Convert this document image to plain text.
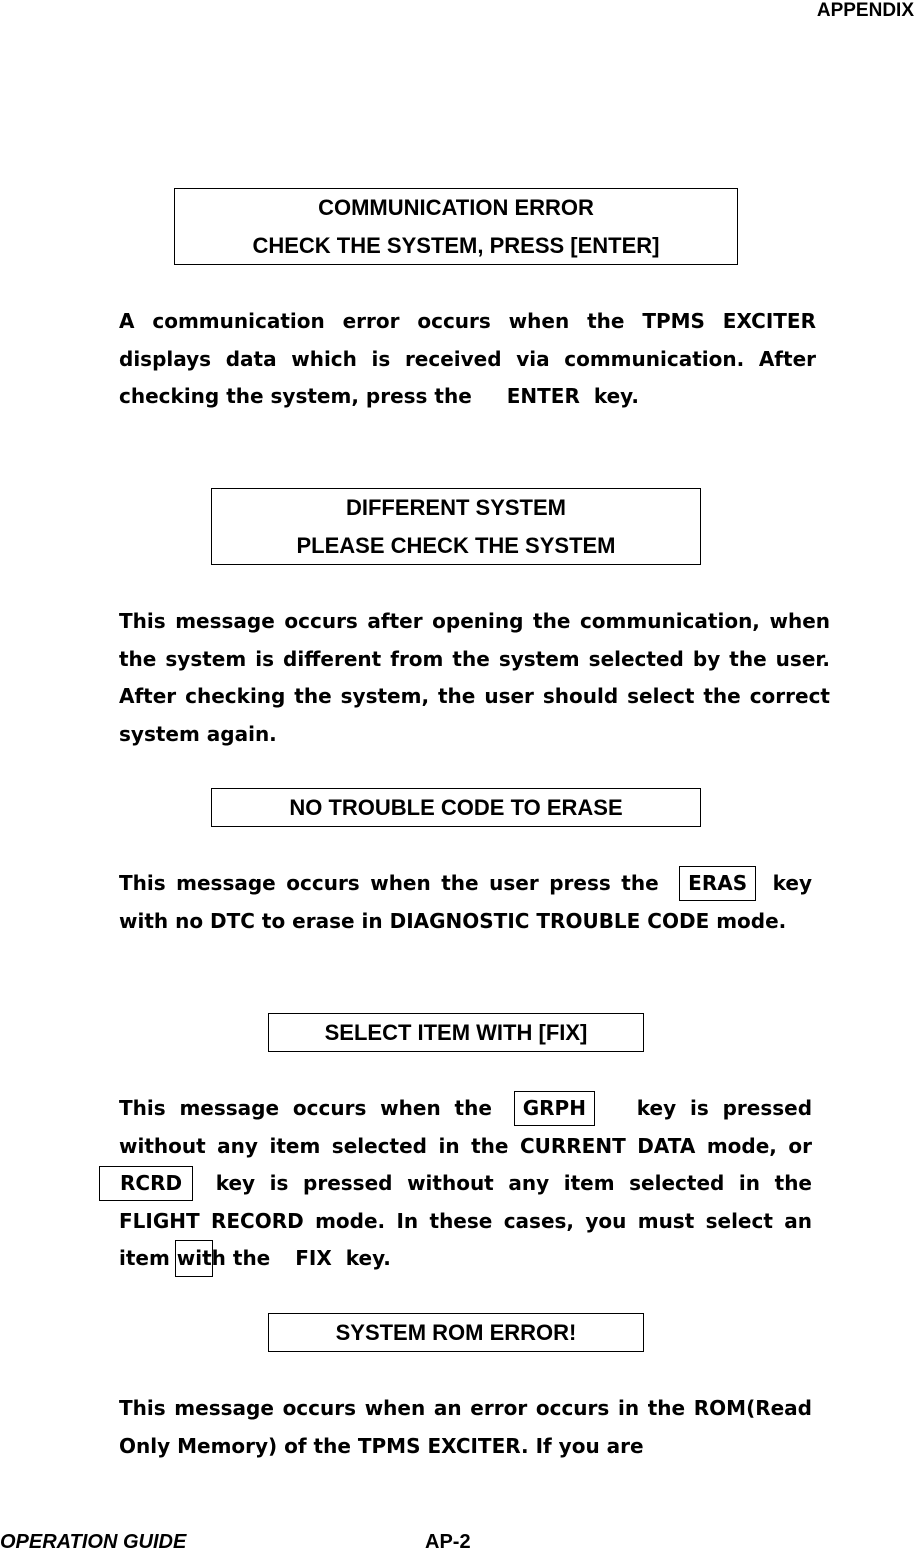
APPENDIX
COMMUNICATION ERROR
CHECK THE SYSTEM, PRESS [ENTER]

A communication error occurs when the TPMS EXCITER displays data which is received via communication. After checking the system, press the ENTER key.

DIFFERENT SYSTEM
PLEASE CHECK THE SYSTEM

This message occurs after opening the communication, when the system is different from the system selected by the user. After checking the system, the user should select the correct system again.

NO TROUBLE CODE TO ERASE

This message occurs when the user press the ERAS key with no DTC to erase in DIAGNOSTIC TROUBLE CODE mode.

SELECT ITEM WITH [FIX]

This message occurs when the GRPH	key is pressed without any item selected in the CURRENT DATA mode, or RCRD key is pressed without any item selected in the FLIGHT RECORD mode. In these cases, you must select an item with the FIX key.

SYSTEM ROM ERROR!

This message occurs when an error occurs in the ROM(Read Only Memory) of the TPMS EXCITER. If you are

OPERATION GUIDE	AP-2
